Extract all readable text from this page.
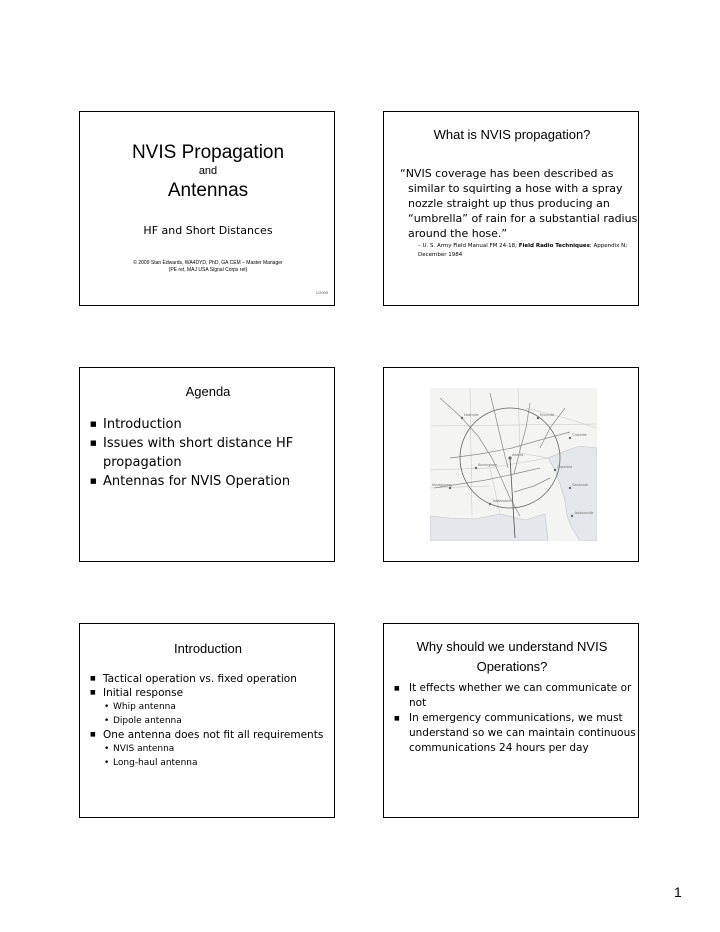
NVIS Propagation
and
Antennas
HF and Short Distances
© 2009 Stan Edwards, WA4DYD, PhD, GA CEM – Master Manager
(PE ret, MAJ USA Signal Corps ret)
1/2009
What is NVIS propagation?
“NVIS coverage has been described as similar to squirting a hose with a spray nozzle straight up thus producing an “umbrella” of rain for a substantial radius around the hose.”
– U. S. Army Field Manual FM 24-18; Field Radio Techniques; Appendix N; December 1984
Agenda
■ Introduction
■ Issues with short distance HF propagation
■ Antennas for NVIS Operation
Nashville	Knoxville
Charlotte
Atlanta
Birmingham	Columbia
Savannah
Jacksonville
Tallahassee
Montgomery
Introduction
■ Tactical operation vs. fixed operation
■ Initial response
• Whip antenna
• Dipole antenna
■ One antenna does not fit all requirements
• NVIS antenna
• Long-haul antenna
Why should we understand NVIS Operations?
■ It effects whether we can communicate or not
■ In emergency communications, we must understand so we can maintain continuous communications 24 hours per day
1
